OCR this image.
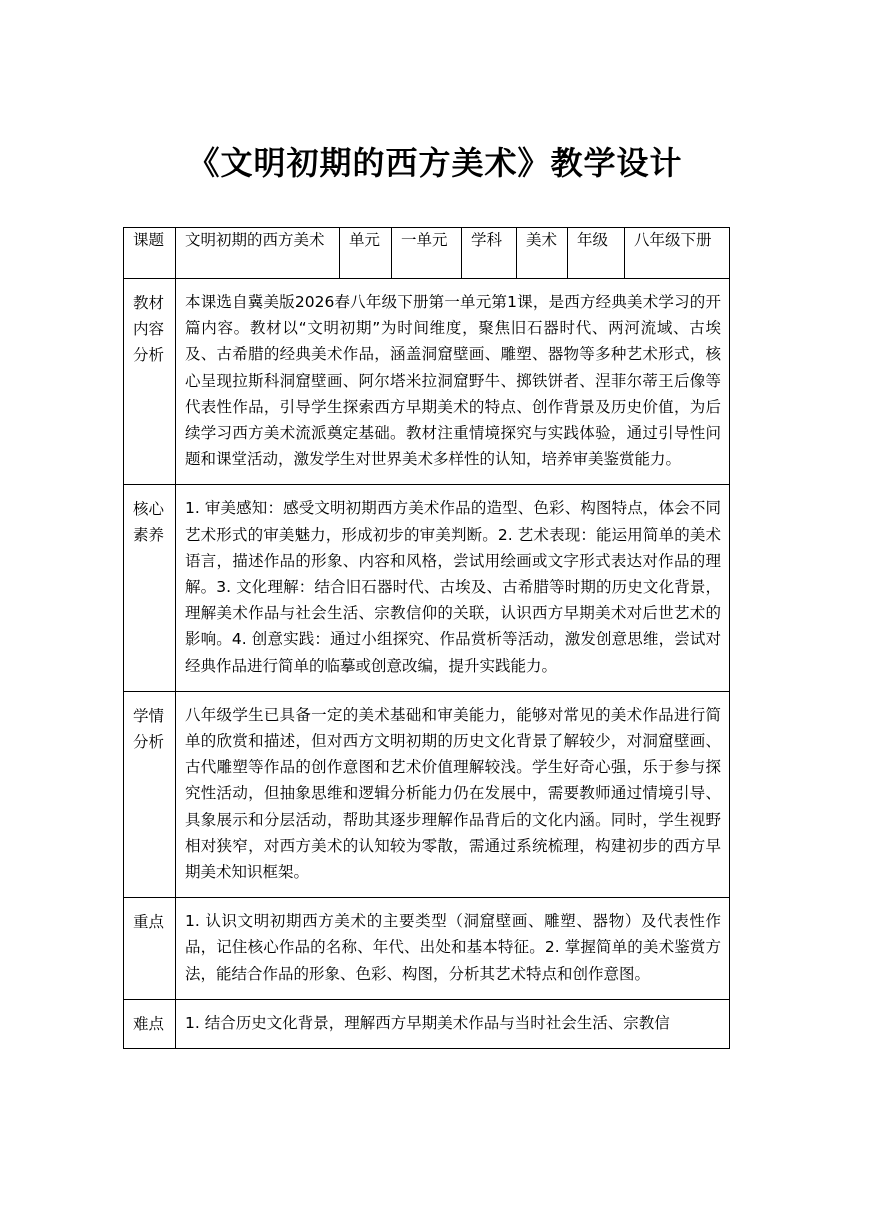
《文明初期的西方美术》教学设计
课题	文明初期的西方美术	单元	一单元	学科	美术	年级	八年级下册

教材内容分析	本课选自冀美版2026春八年级下册第一单元第1课，是西方经典美术学习的开篇内容。教材以“文明初期”为时间维度，聚焦旧石器时代、两河流域、古埃及、古希腊的经典美术作品，涵盖洞窟壁画、雕塑、器物等多种艺术形式，核心呈现拉斯科洞窟壁画、阿尔塔米拉洞窟野牛、掷铁饼者、涅菲尔蒂王后像等代表性作品，引导学生探索西方早期美术的特点、创作背景及历史价值，为后续学习西方美术流派奠定基础。教材注重情境探究与实践体验，通过引导性问题和课堂活动，激发学生对世界美术多样性的认知，培养审美鉴赏能力。						
核心素养	1. 审美感知：感受文明初期西方美术作品的造型、色彩、构图特点，体会不同艺术形式的审美魅力，形成初步的审美判断。2. 艺术表现：能运用简单的美术语言，描述作品的形象、内容和风格，尝试用绘画或文字形式表达对作品的理解。3. 文化理解：结合旧石器时代、古埃及、古希腊等时期的历史文化背景，理解美术作品与社会生活、宗教信仰的关联，认识西方早期美术对后世艺术的影响。4. 创意实践：通过小组探究、作品赏析等活动，激发创意思维，尝试对经典作品进行简单的临摹或创意改编，提升实践能力。						
学情分析	八年级学生已具备一定的美术基础和审美能力，能够对常见的美术作品进行简单的欣赏和描述，但对西方文明初期的历史文化背景了解较少，对洞窟壁画、古代雕塑等作品的创作意图和艺术价值理解较浅。学生好奇心强，乐于参与探究性活动，但抽象思维和逻辑分析能力仍在发展中，需要教师通过情境引导、具象展示和分层活动，帮助其逐步理解作品背后的文化内涵。同时，学生视野相对狭窄，对西方美术的认知较为零散，需通过系统梳理，构建初步的西方早期美术知识框架。						
重点	1. 认识文明初期西方美术的主要类型（洞窟壁画、雕塑、器物）及代表性作品，记住核心作品的名称、年代、出处和基本特征。2. 掌握简单的美术鉴赏方法，能结合作品的形象、色彩、构图，分析其艺术特点和创作意图。						
难点	1. 结合历史文化背景，理解西方早期美术作品与当时社会生活、宗教信						
